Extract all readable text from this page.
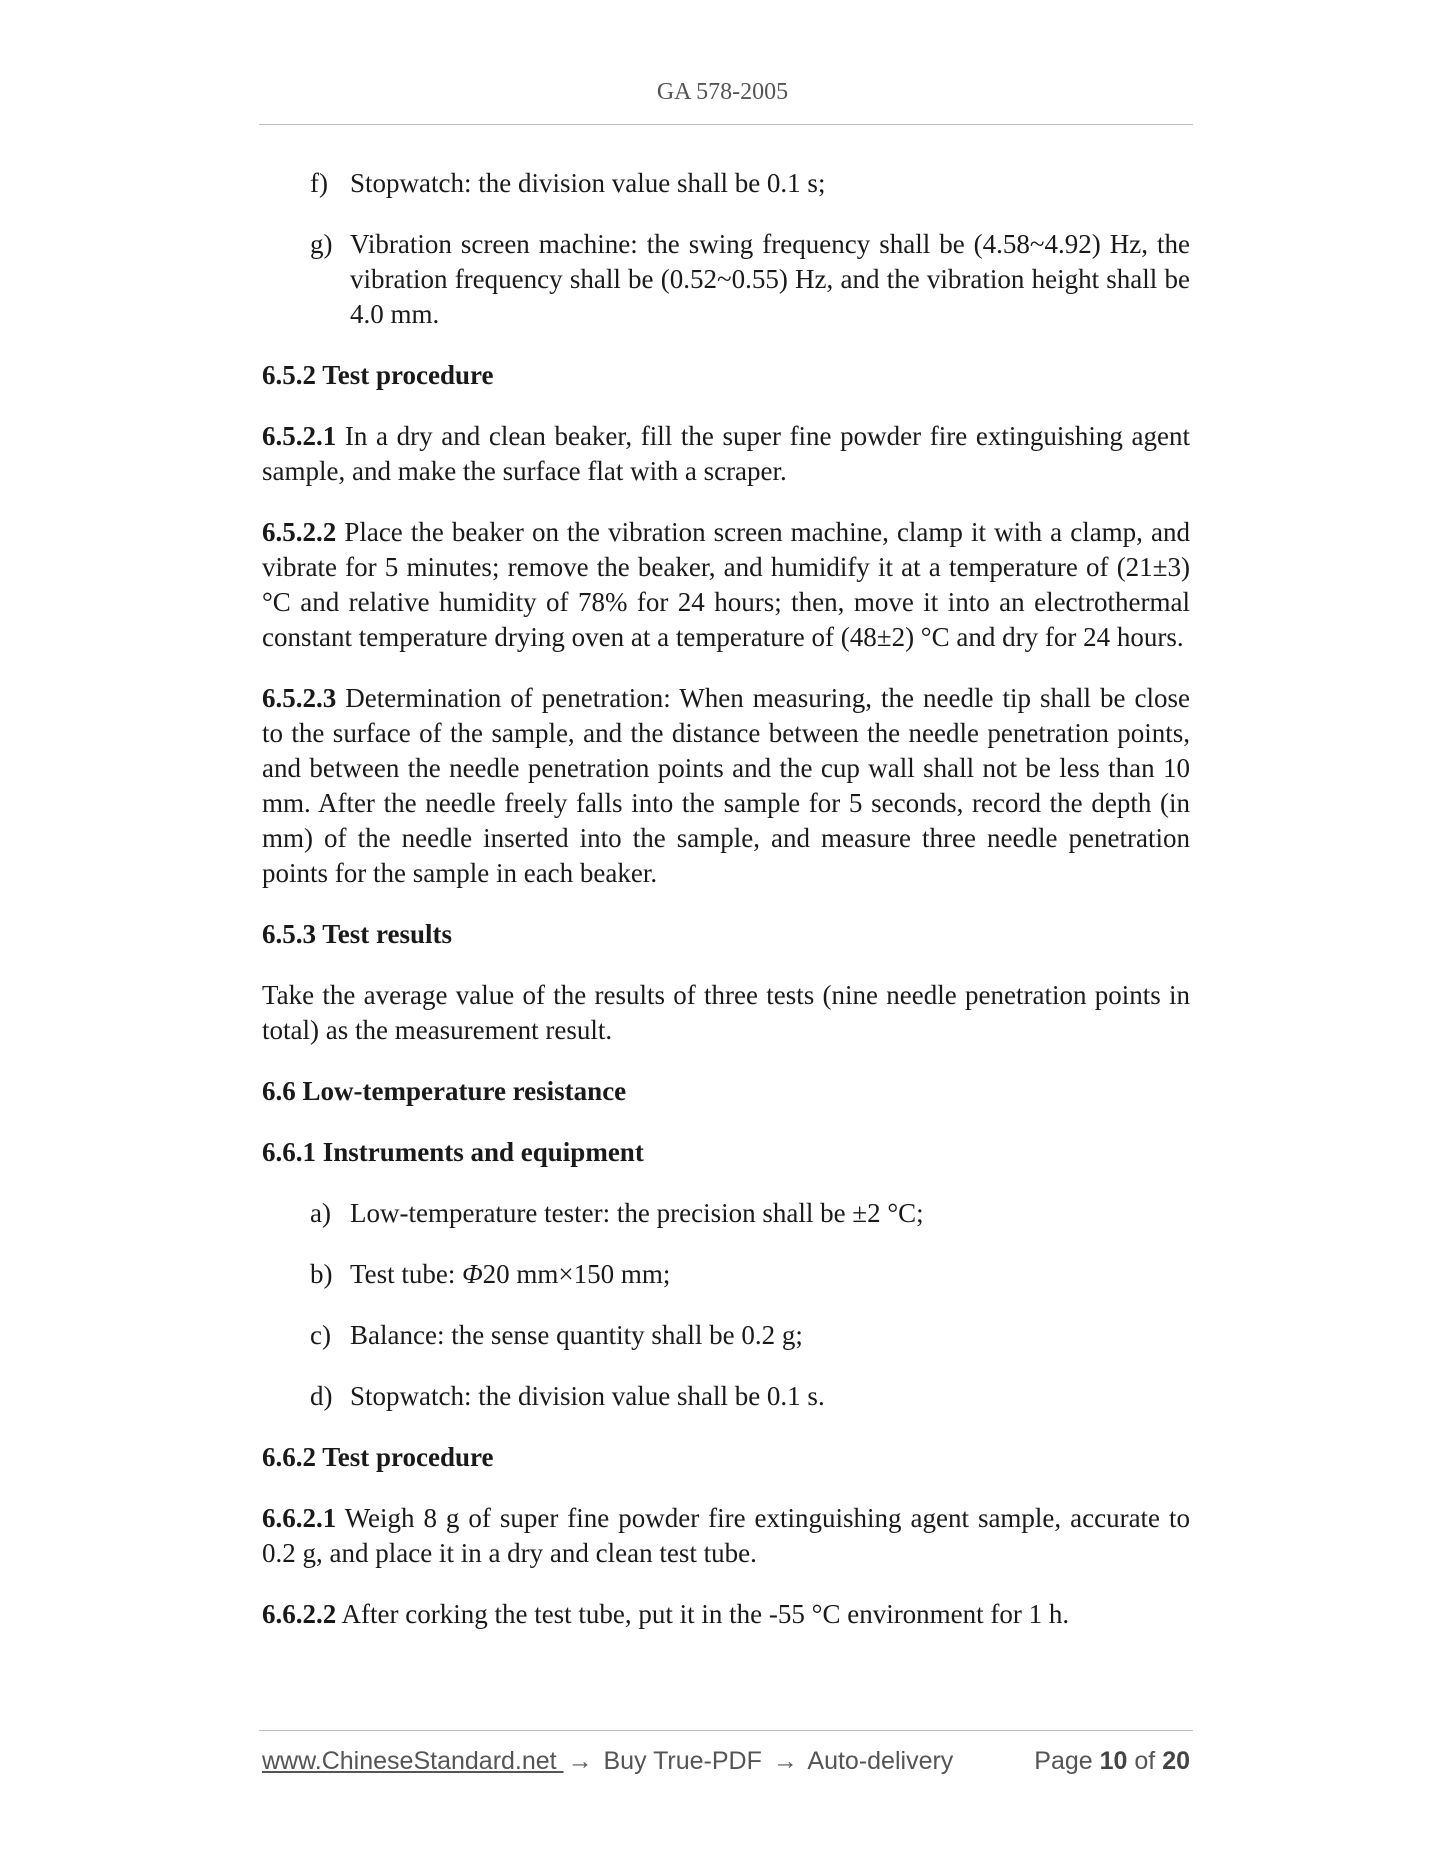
GA 578-2005
f) Stopwatch: the division value shall be 0.1 s;
g) Vibration screen machine: the swing frequency shall be (4.58~4.92) Hz, the vibration frequency shall be (0.52~0.55) Hz, and the vibration height shall be 4.0 mm.
6.5.2 Test procedure

6.5.2.1 In a dry and clean beaker, fill the super fine powder fire extinguishing agent sample, and make the surface flat with a scraper.

6.5.2.2 Place the beaker on the vibration screen machine, clamp it with a clamp, and vibrate for 5 minutes; remove the beaker, and humidify it at a temperature of (21±3) °C and relative humidity of 78% for 24 hours; then, move it into an electrothermal constant temperature drying oven at a temperature of (48±2) °C and dry for 24 hours.

6.5.2.3 Determination of penetration: When measuring, the needle tip shall be close to the surface of the sample, and the distance between the needle penetration points, and between the needle penetration points and the cup wall shall not be less than 10 mm. After the needle freely falls into the sample for 5 seconds, record the depth (in mm) of the needle inserted into the sample, and measure three needle penetration points for the sample in each beaker.

6.5.3 Test results

Take the average value of the results of three tests (nine needle penetration points in total) as the measurement result.

6.6 Low-temperature resistance
6.6.1 Instruments and equipment
a) Low-temperature tester: the precision shall be ±2 °C;
b) Test tube: Φ20 mm×150 mm;
c) Balance: the sense quantity shall be 0.2 g;
d) Stopwatch: the division value shall be 0.1 s.
6.6.2 Test procedure

6.6.2.1 Weigh 8 g of super fine powder fire extinguishing agent sample, accurate to 0.2 g, and place it in a dry and clean test tube.

6.6.2.2 After corking the test tube, put it in the -55 °C environment for 1 h.

www.ChineseStandard.net → Buy True-PDF → Auto-delivery	Page 10 of 20
